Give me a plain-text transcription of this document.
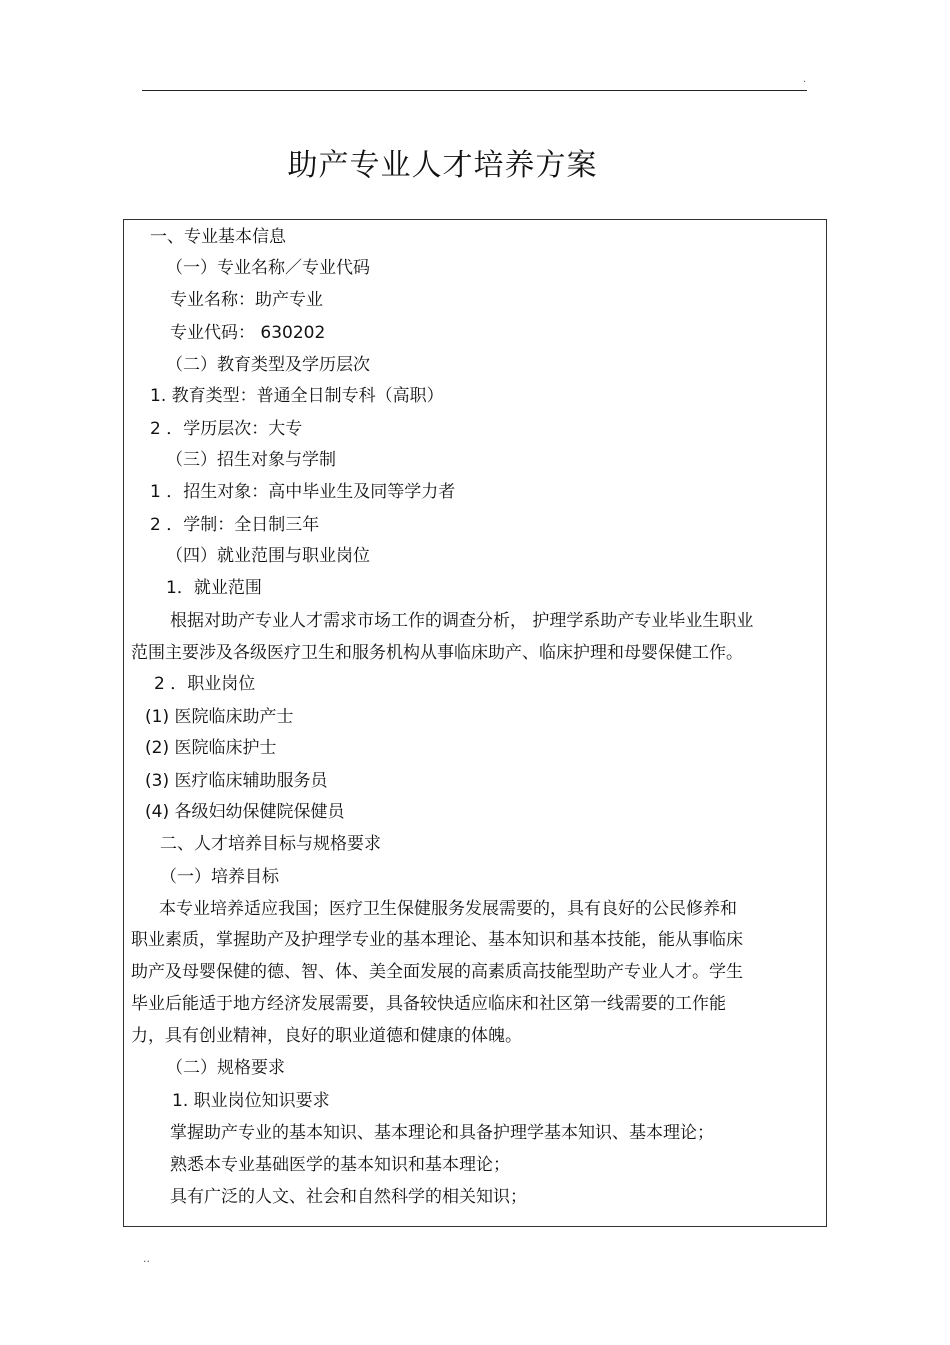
.
助产专业人才培养方案
一、专业基本信息
（一）专业名称／专业代码
专业名称：助产专业
专业代码： 630202
（二）教育类型及学历层次
1. 教育类型：普通全日制专科（高职）
2 ．学历层次：大专
（三）招生对象与学制
1 ．招生对象：高中毕业生及同等学力者
2 ．学制：全日制三年
（四）就业范围与职业岗位
1．就业范围
根据对助产专业人才需求市场工作的调查分析， 护理学系助产专业毕业生职业
范围主要涉及各级医疗卫生和服务机构从事临床助产、临床护理和母婴保健工作。
2 ．职业岗位
(1) 医院临床助产士
(2) 医院临床护士
(3) 医疗临床辅助服务员
(4) 各级妇幼保健院保健员
二、人才培养目标与规格要求
（一）培养目标
本专业培养适应我国；医疗卫生保健服务发展需要的，具有良好的公民修养和
职业素质，掌握助产及护理学专业的基本理论、基本知识和基本技能，能从事临床
助产及母婴保健的德、智、体、美全面发展的高素质高技能型助产专业人才。学生
毕业后能适于地方经济发展需要，具备较快适应临床和社区第一线需要的工作能
力，具有创业精神，良好的职业道德和健康的体魄。
（二）规格要求
1. 职业岗位知识要求
掌握助产专业的基本知识、基本理论和具备护理学基本知识、基本理论；
熟悉本专业基础医学的基本知识和基本理论；
具有广泛的人文、社会和自然科学的相关知识；
..
